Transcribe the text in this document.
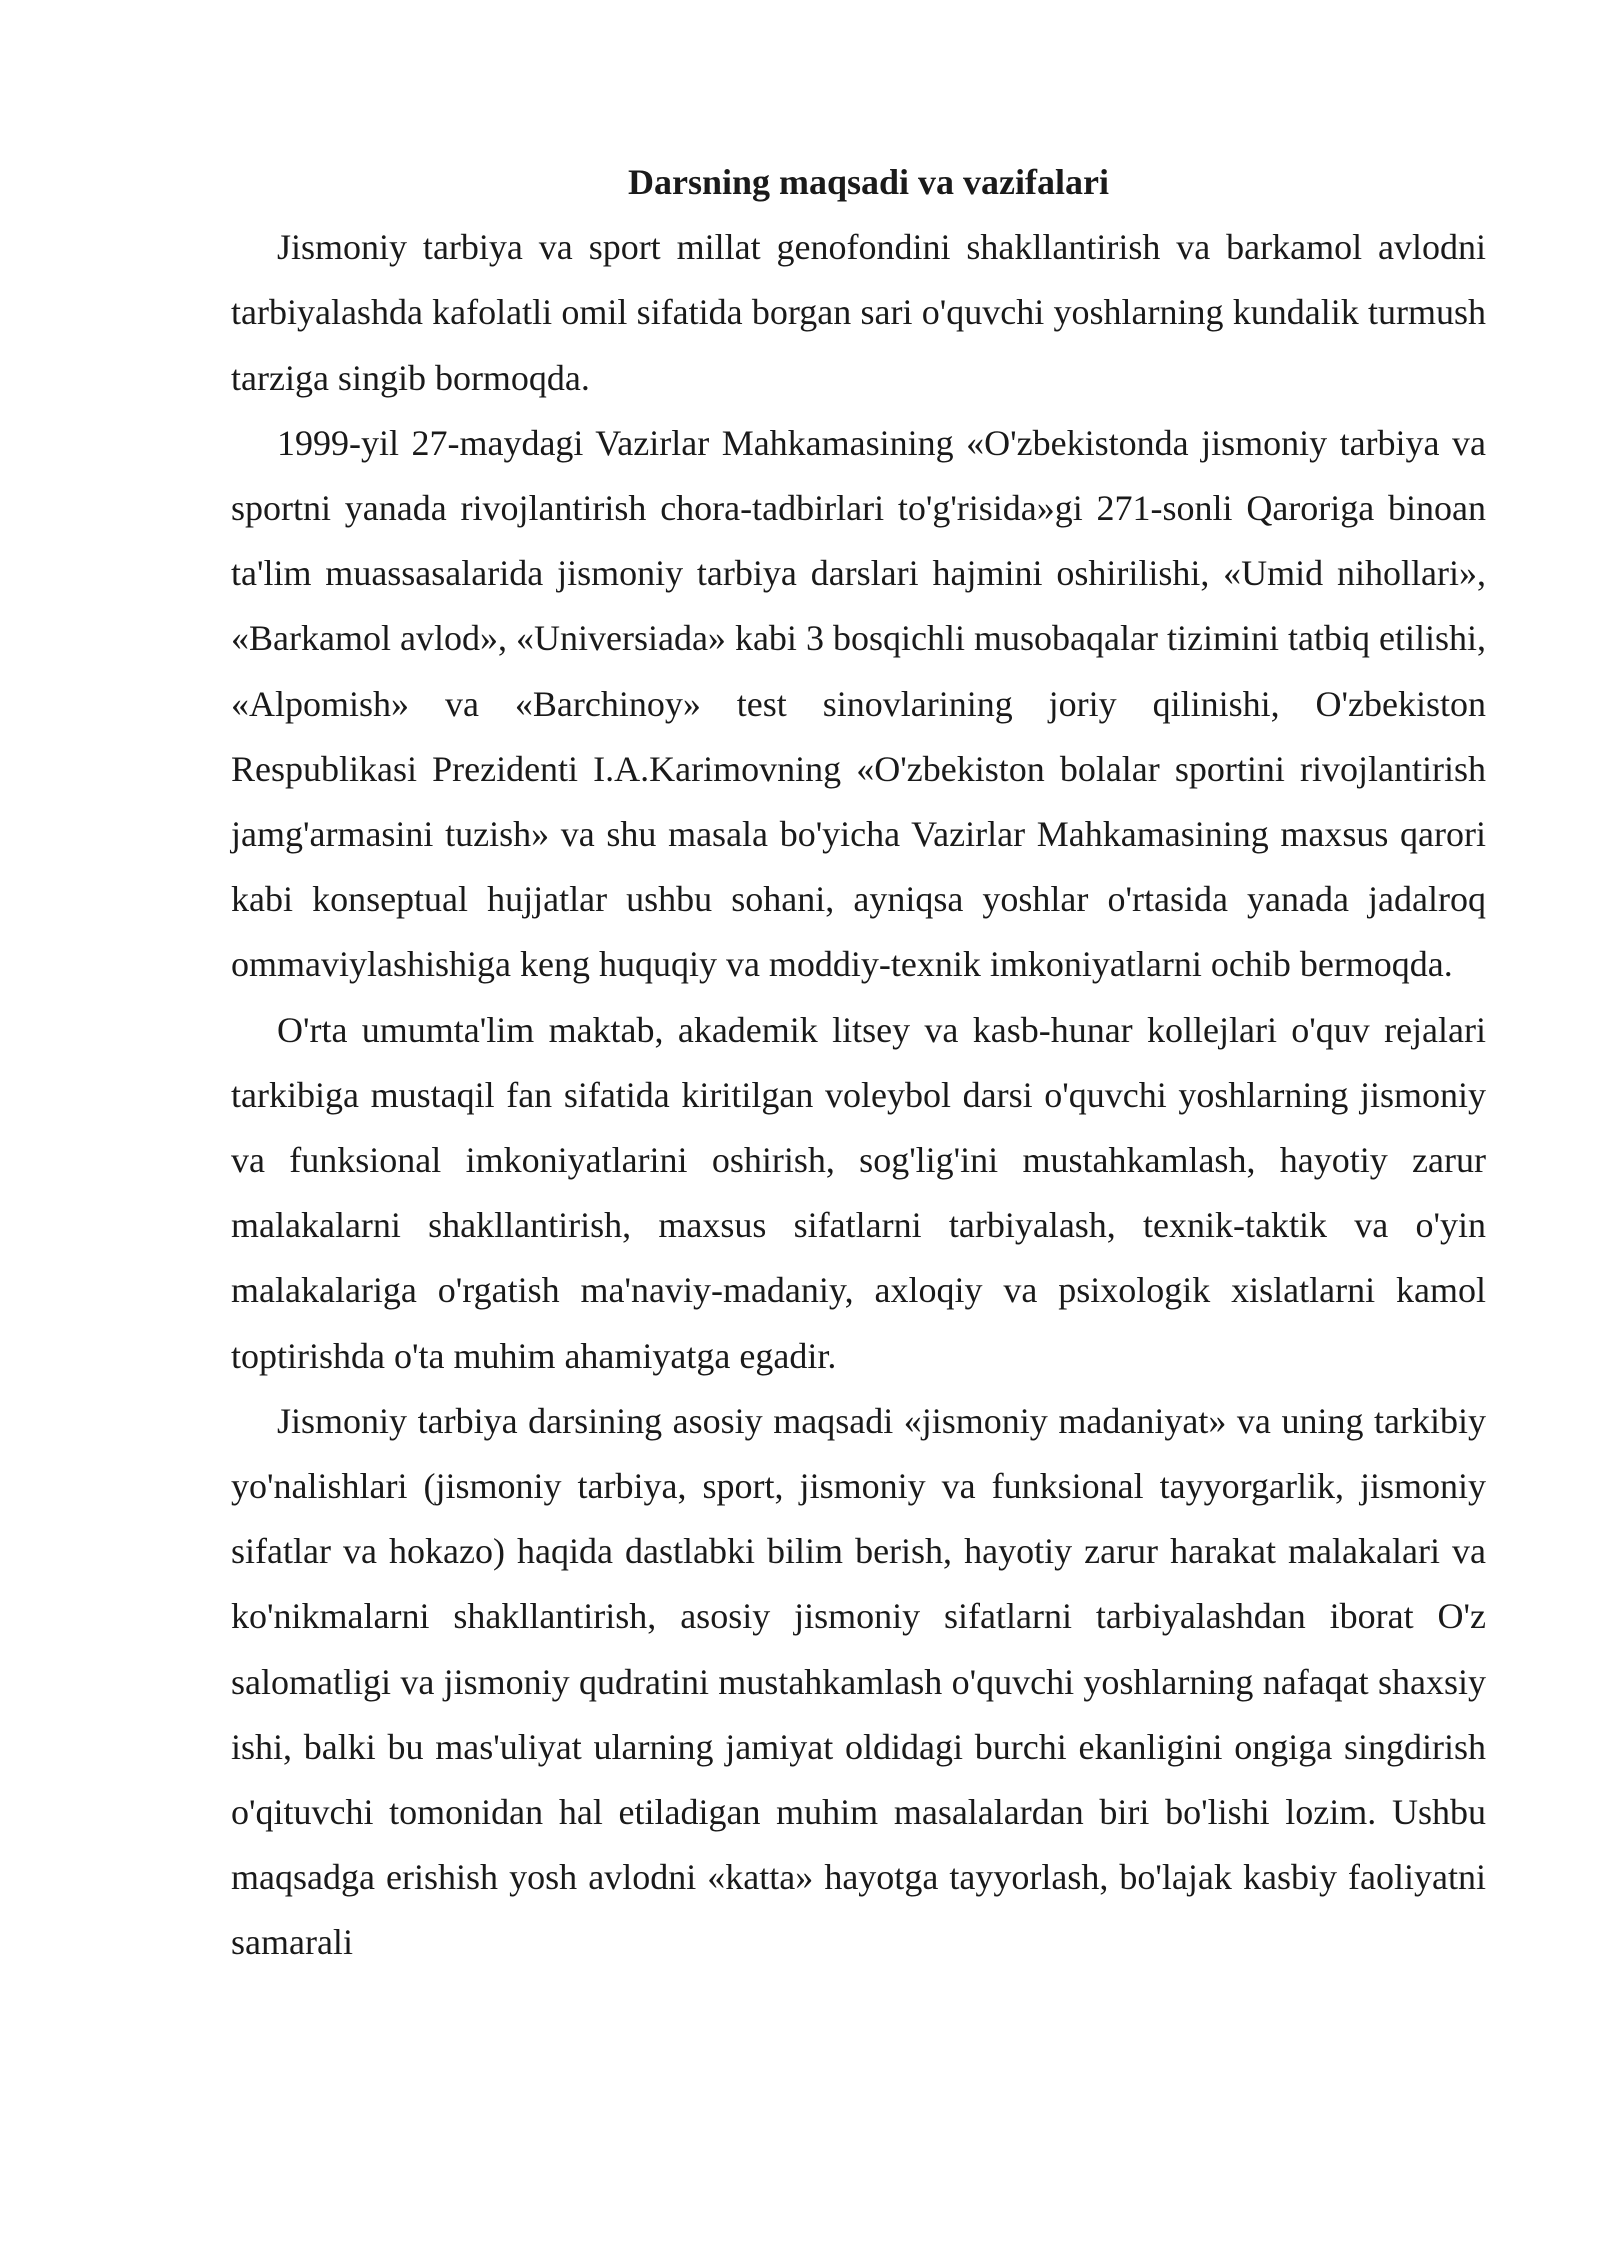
Darsning maqsadi va vazifalari

Jismoniy tarbiya va sport millat genofondini shakllantirish va barkamol avlodni tarbiyalashda kafolatli omil sifatida borgan sari o'quvchi yoshlarning kundalik turmush tarziga singib bormoqda.

1999-yil 27-maydagi Vazirlar Mahkamasining «O'zbekistonda jismoniy tarbiya va sportni yanada rivojlantirish chora-tadbirlari to'g'risida»gi 271-sonli Qaroriga binoan ta'lim muassasalarida jismoniy tarbiya darslari hajmini oshirilishi, «Umid nihollari», «Barkamol avlod», «Universiada» kabi 3 bosqichli musobaqalar tizimini tatbiq etilishi, «Alpomish» va «Barchinoy» test sinovlarining joriy qilinishi, O'zbekiston Respublikasi Prezidenti I.A.Karimovning «O'zbekiston bolalar sportini rivojlantirish jamg'armasini tuzish» va shu masala bo'yicha Vazirlar Mahkamasining maxsus qarori kabi konseptual hujjatlar ushbu sohani, ayniqsa yoshlar o'rtasida yanada jadalroq ommaviylashishiga keng huquqiy va moddiy-texnik imkoniyatlarni ochib bermoqda.

O'rta umumta'lim maktab, akademik litsey va kasb-hunar kollejlari o'quv rejalari tarkibiga mustaqil fan sifatida kiritilgan voleybol darsi o'quvchi yoshlarning jismoniy va funksional imkoniyatlarini oshirish, sog'lig'ini mustahkamlash, hayotiy zarur malakalarni shakllantirish, maxsus sifatlarni tarbiyalash, texnik-taktik va o'yin malakalariga o'rgatish ma'naviy-madaniy, axloqiy va psixologik xislatlarni kamol toptirishda o'ta muhim ahamiyatga egadir.

Jismoniy tarbiya darsining asosiy maqsadi «jismoniy madaniyat» va uning tarkibiy yo'nalishlari (jismoniy tarbiya, sport, jismoniy va funksional tayyorgarlik, jismoniy sifatlar va hokazo) haqida dastlabki bilim berish, hayotiy zarur harakat malakalari va ko'nikmalarni shakllantirish, asosiy jismoniy sifatlarni tarbiyalashdan iborat O'z salomatligi va jismoniy qudratini mustahkamlash o'quvchi yoshlarning nafaqat shaxsiy ishi, balki bu mas'uliyat ularning jamiyat oldidagi burchi ekanligini ongiga singdirish o'qituvchi tomonidan hal etiladigan muhim masalalardan biri bo'lishi lozim. Ushbu maqsadga erishish yosh avlodni «katta» hayotga tayyorlash, bo'lajak kasbiy faoliyatni samarali
